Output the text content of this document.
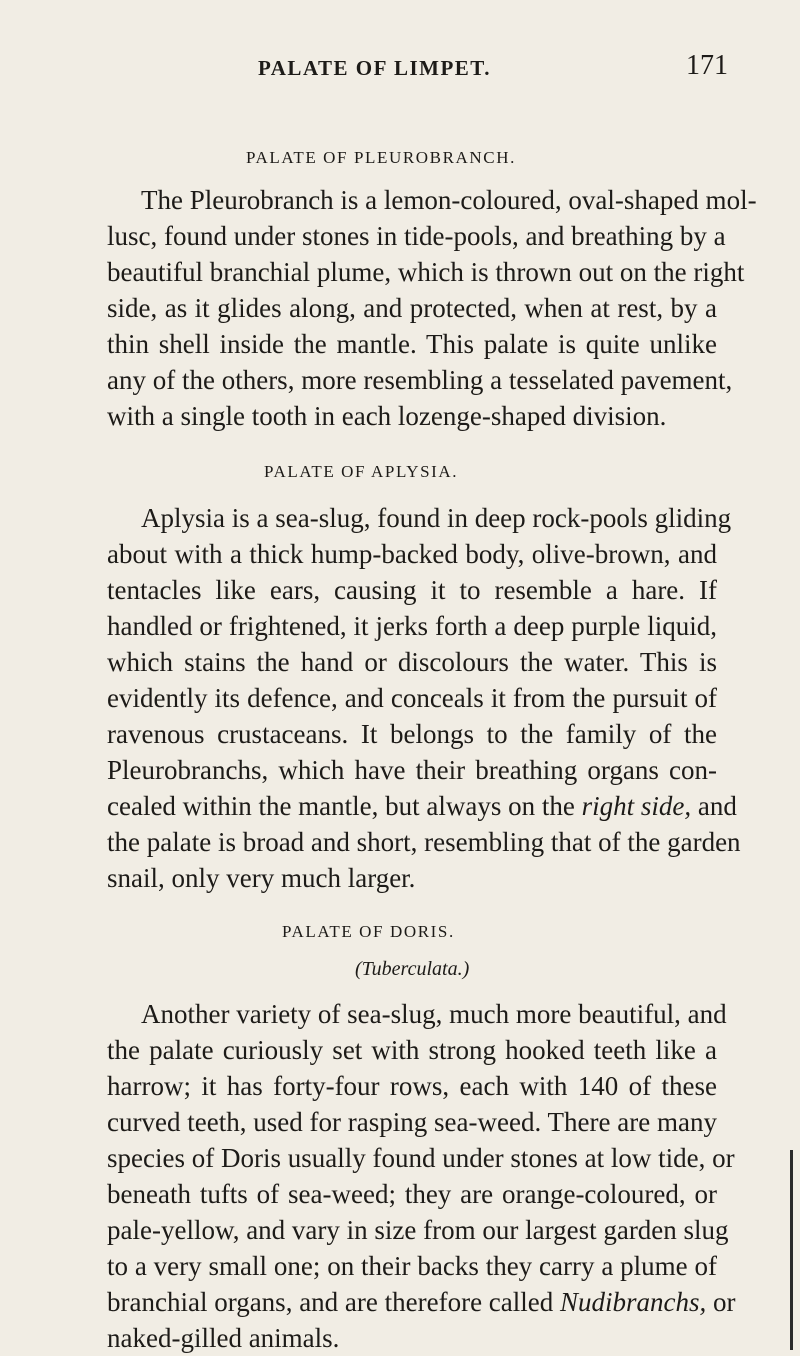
PALATE OF LIMPET.	171
PALATE OF PLEUROBRANCH.
The Pleurobranch is a lemon-coloured, oval-shaped mol-
lusc, found under stones in tide-pools, and breathing by a
beautiful branchial plume, which is thrown out on the right
side, as it glides along, and protected, when at rest, by a
thin shell inside the mantle. This palate is quite unlike
any of the others, more resembling a tesselated pavement,
with a single tooth in each lozenge-shaped division.
PALATE OF APLYSIA.
Aplysia is a sea-slug, found in deep rock-pools gliding
about with a thick hump-backed body, olive-brown, and
tentacles like ears, causing it to resemble a hare. If
handled or frightened, it jerks forth a deep purple liquid,
which stains the hand or discolours the water. This is
evidently its defence, and conceals it from the pursuit of
ravenous crustaceans. It belongs to the family of the
Pleurobranchs, which have their breathing organs con-
cealed within the mantle, but always on the right side, and
the palate is broad and short, resembling that of the garden
snail, only very much larger.
PALATE OF DORIS.
(Tuberculata.)
Another variety of sea-slug, much more beautiful, and
the palate curiously set with strong hooked teeth like a
harrow; it has forty-four rows, each with 140 of these
curved teeth, used for rasping sea-weed. There are many
species of Doris usually found under stones at low tide, or
beneath tufts of sea-weed; they are orange-coloured, or
pale-yellow, and vary in size from our largest garden slug
to a very small one; on their backs they carry a plume of
branchial organs, and are therefore called Nudibranchs, or
naked-gilled animals.
